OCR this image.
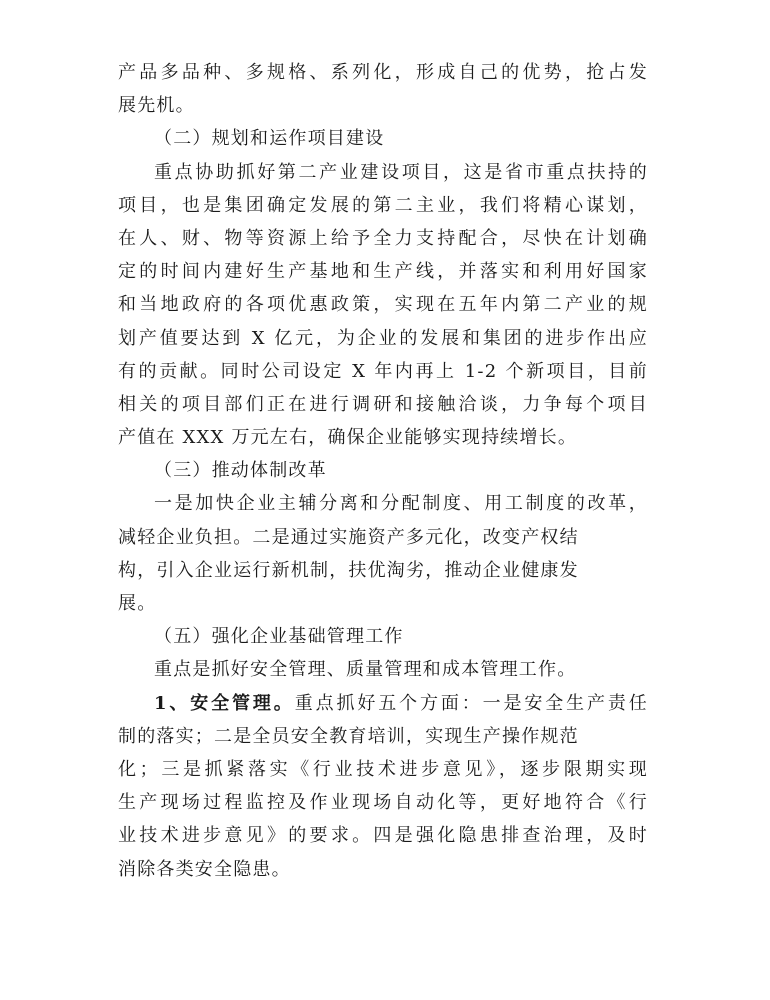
产品多品种、多规格、系列化，形成自己的优势，抢占发
展先机。
（二）规划和运作项目建设
重点协助抓好第二产业建设项目，这是省市重点扶持的
项目，也是集团确定发展的第二主业，我们将精心谋划，
在人、财、物等资源上给予全力支持配合，尽快在计划确
定的时间内建好生产基地和生产线，并落实和利用好国家
和当地政府的各项优惠政策，实现在五年内第二产业的规
划产值要达到 X 亿元，为企业的发展和集团的进步作出应
有的贡献。同时公司设定 X 年内再上 1-2 个新项目，目前
相关的项目部们正在进行调研和接触洽谈，力争每个项目
产值在 XXX 万元左右，确保企业能够实现持续增长。
（三）推动体制改革
一是加快企业主辅分离和分配制度、用工制度的改革，
减轻企业负担。二是通过实施资产多元化，改变产权结
构，引入企业运行新机制，扶优淘劣，推动企业健康发
展。
（五）强化企业基础管理工作
重点是抓好安全管理、质量管理和成本管理工作。
1、安全管理。重点抓好五个方面：一是安全生产责任
制的落实；二是全员安全教育培训，实现生产操作规范
化；三是抓紧落实《行业技术进步意见》，逐步限期实现
生产现场过程监控及作业现场自动化等，更好地符合《行
业技术进步意见》的要求。四是强化隐患排查治理，及时
消除各类安全隐患。
